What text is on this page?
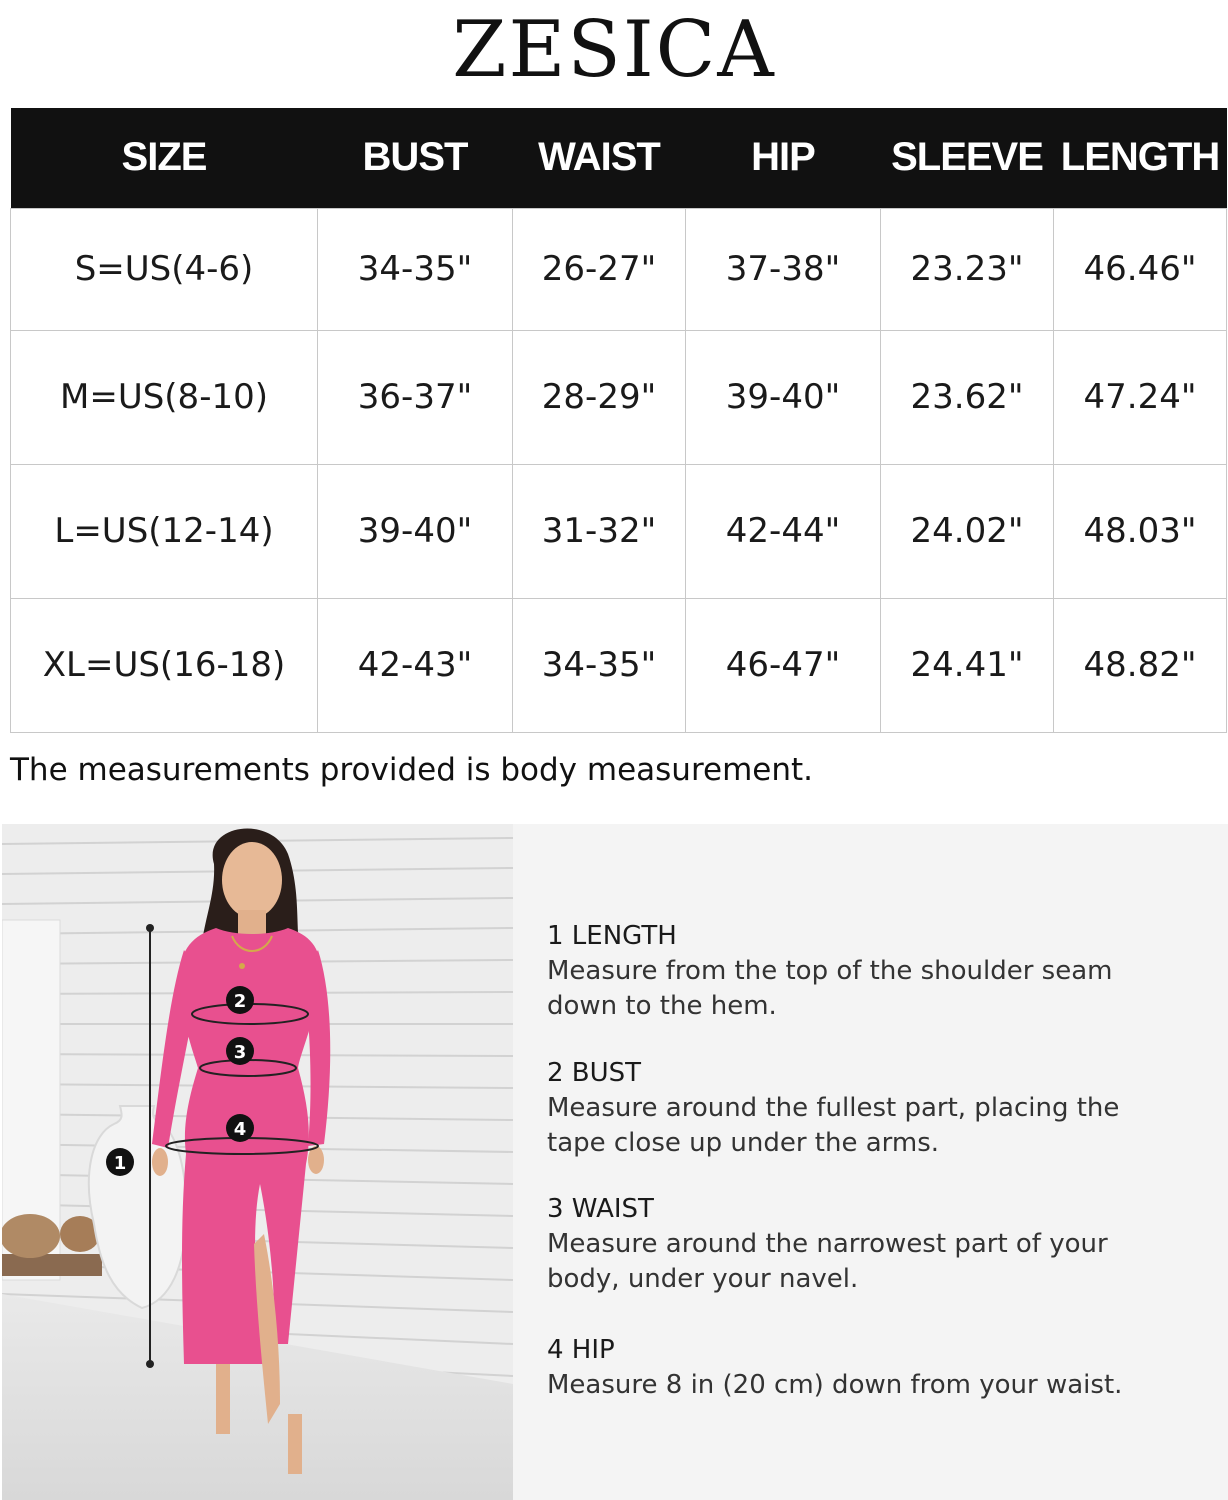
ZESICA
SIZE	BUST	WAIST	HIP	SLEEVE	LENGTH
S=US(4-6)	34-35"	26-27"	37-38"	23.23"	46.46"
M=US(8-10)	36-37"	28-29"	39-40"	23.62"	47.24"
L=US(12-14)	39-40"	31-32"	42-44"	24.02"	48.03"
XL=US(16-18)	42-43"	34-35"	46-47"	24.41"	48.82"
The measurements provided is body measurement.
1
2
3
4
1 LENGTH
Measure from the top of the shoulder seam down to the hem.
2 BUST
Measure around the fullest part, placing the tape close up under the arms.
3 WAIST
Measure around the narrowest part of your body, under your navel.
4 HIP
Measure 8 in (20 cm) down from your waist.
